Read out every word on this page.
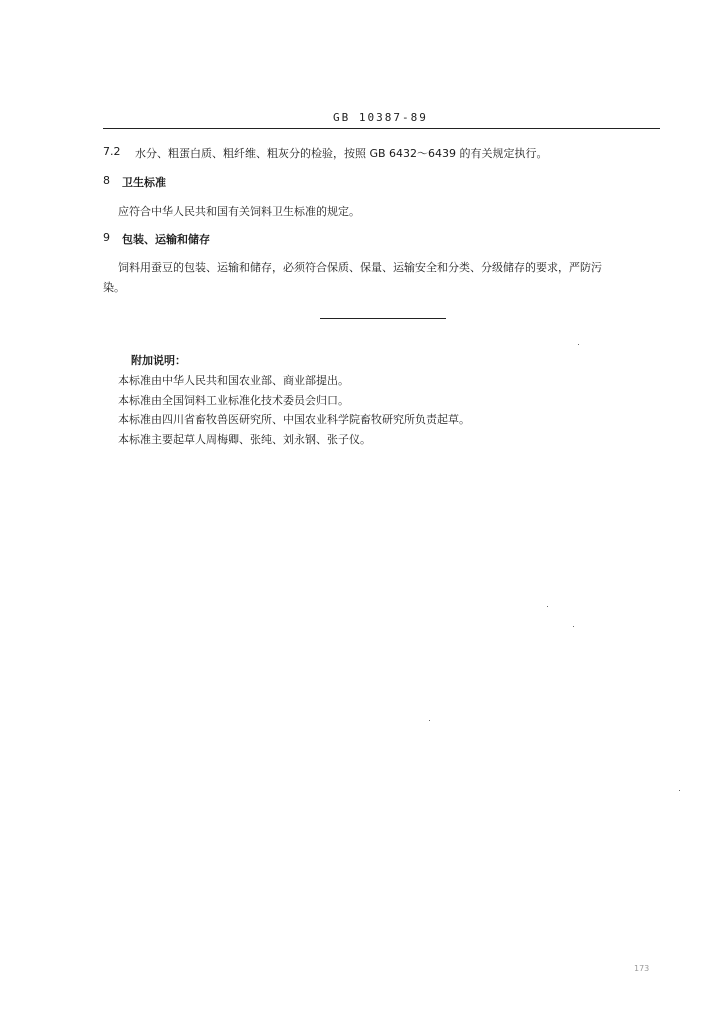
GB 10387-89
7.2 水分、粗蛋白质、粗纤维、粗灰分的检验，按照 GB 6432～6439 的有关规定执行。
8 卫生标准
应符合中华人民共和国有关饲料卫生标准的规定。
9 包装、运输和储存
饲料用蚕豆的包装、运输和储存，必须符合保质、保量、运输安全和分类、分级储存的要求，严防污
染。
附加说明：
本标准由中华人民共和国农业部、商业部提出。
本标准由全国饲料工业标准化技术委员会归口。
本标准由四川省畜牧兽医研究所、中国农业科学院畜牧研究所负责起草。
本标准主要起草人周梅卿、张纯、刘永钢、张子仪。
173
